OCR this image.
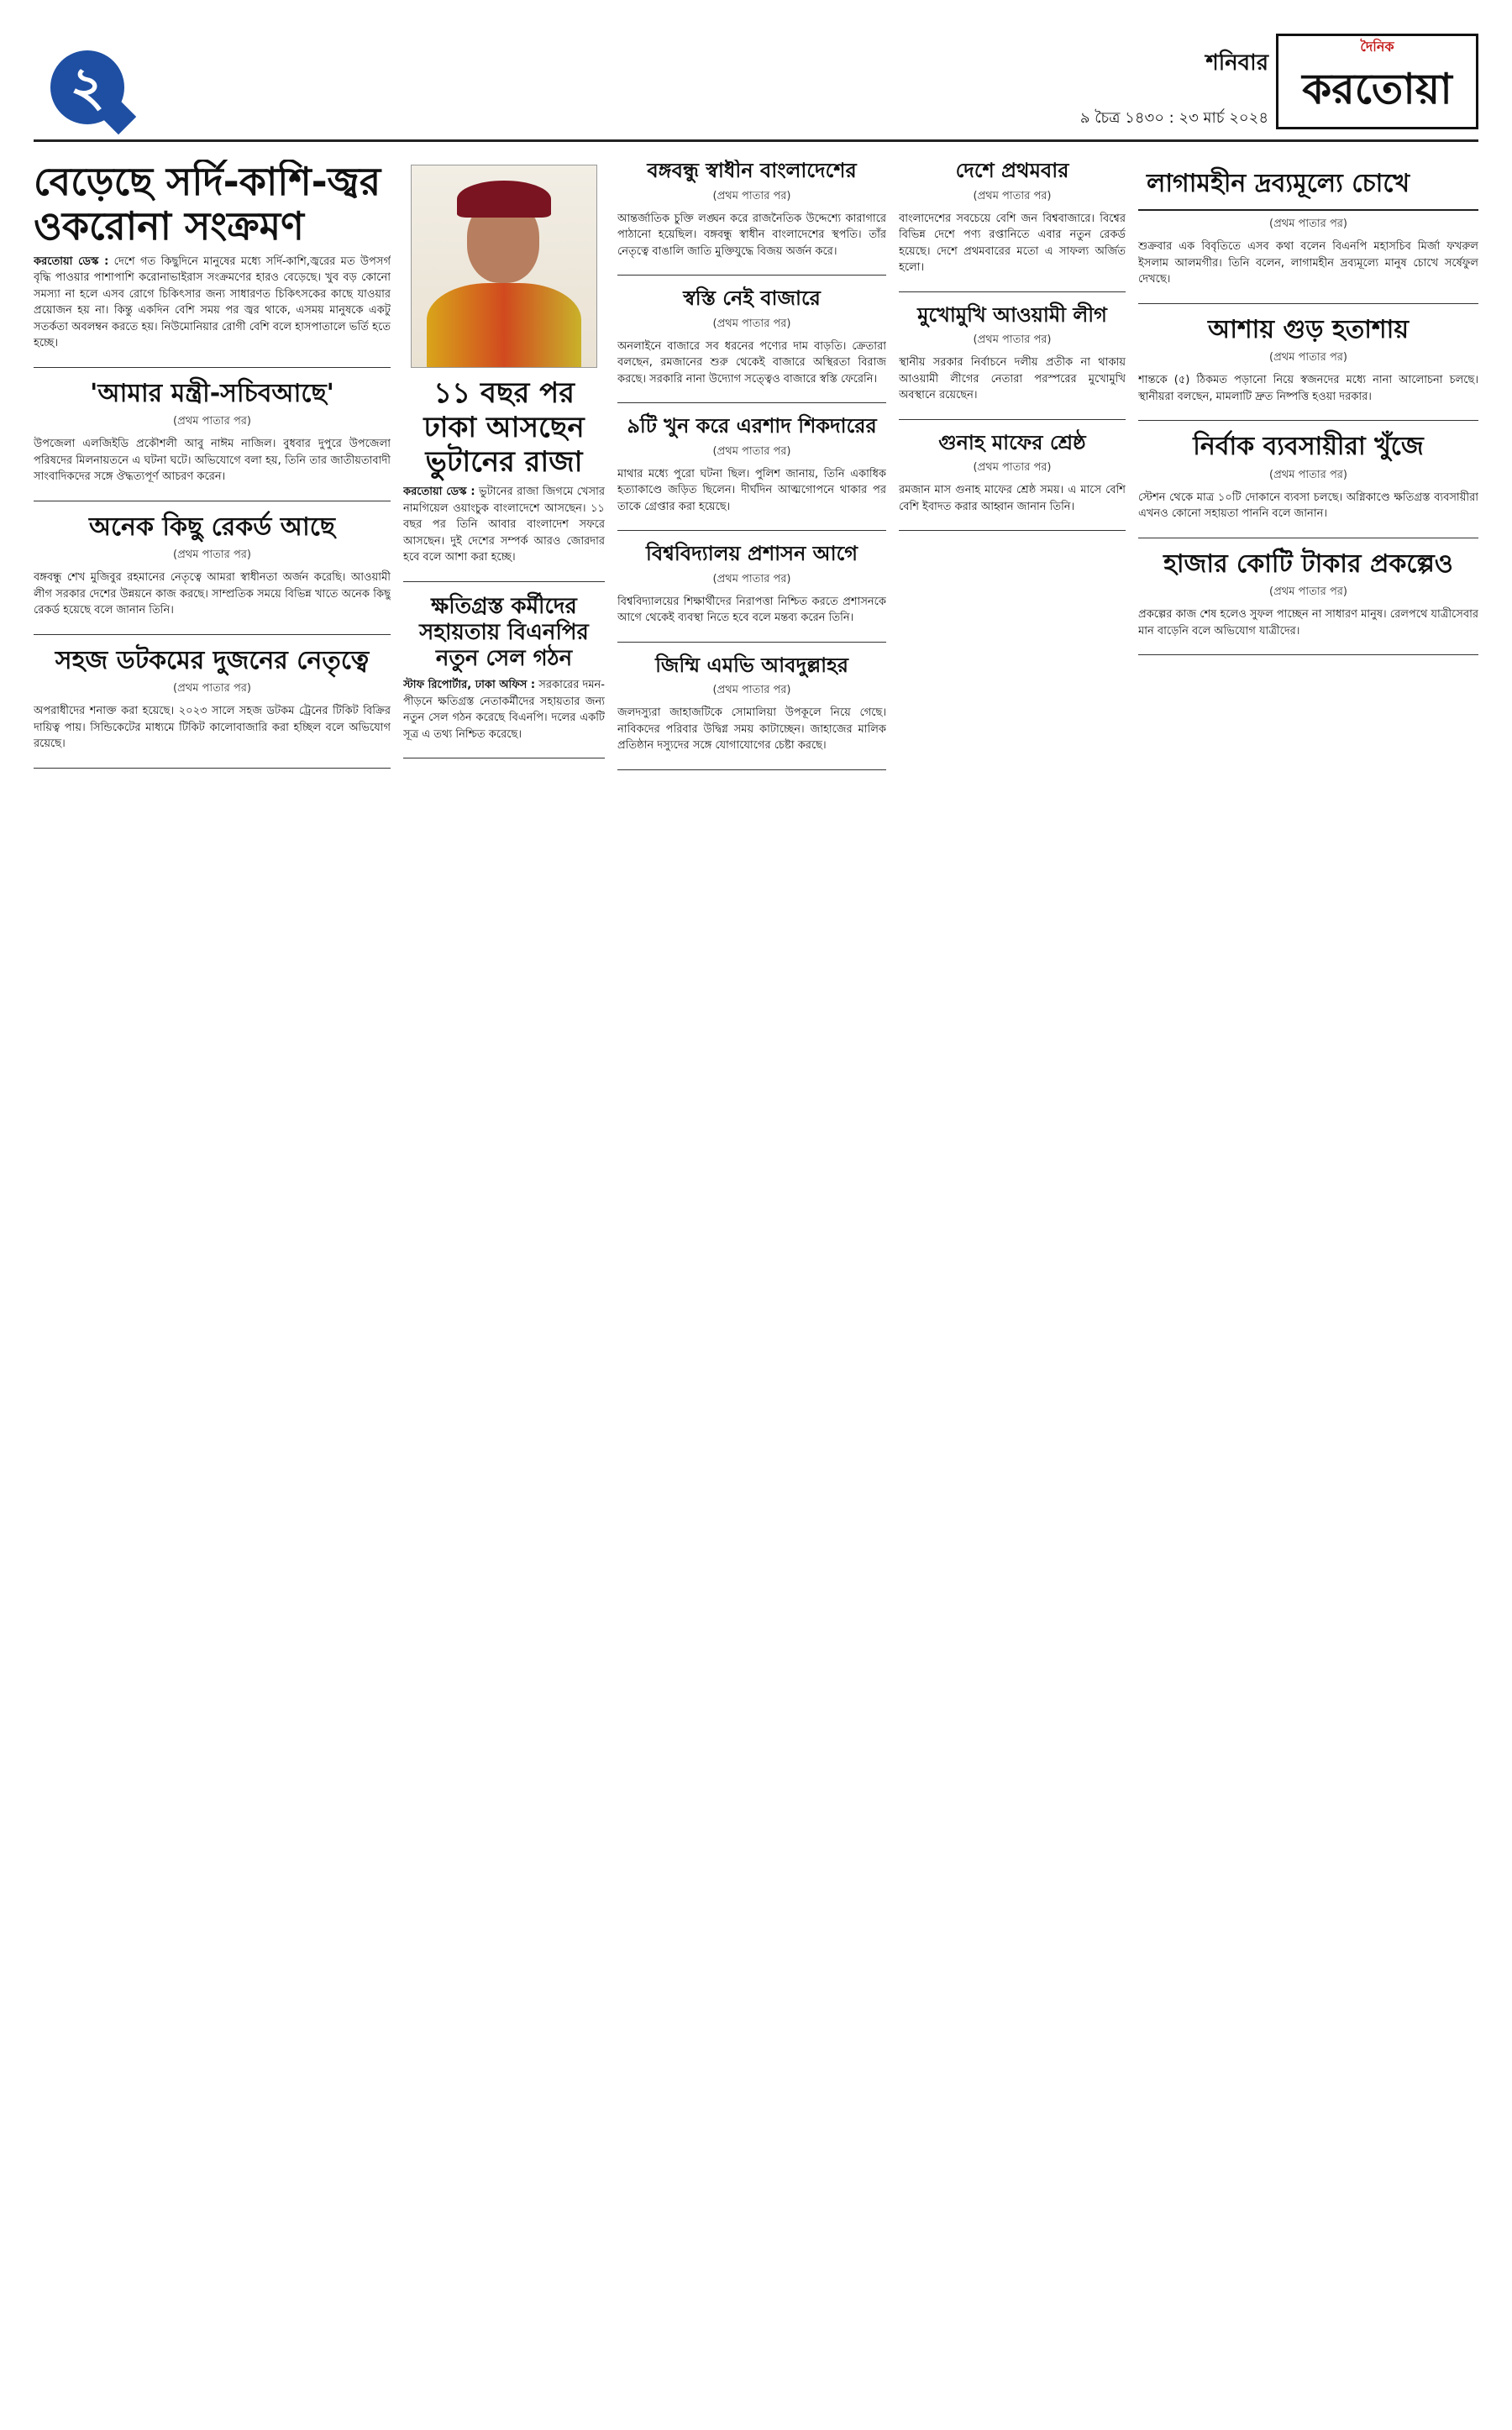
২	শনিবার
৯ চৈত্র ১৪৩০ : ২৩ মার্চ ২০২৪
দৈনিক
করতোয়া
বেড়েছে সর্দি-কাশি-জ্বর ওকরোনা সংক্রমণ

করতোয়া ডেস্ক : দেশে গত কিছুদিনে মানুষের মধ্যে সর্দি-কাশি,জ্বরের মত উপসর্গ বৃদ্ধি পাওয়ার পাশাপাশি করোনাভাইরাস সংক্রমণের হারও বেড়েছে। খুব বড় কোনো সমস্যা না হলে এসব রোগে চিকিৎসার জন্য সাধারণত চিকিৎসকের কাছে যাওয়ার প্রয়োজন হয় না। কিন্তু একদিন বেশি সময় পর জ্বর থাকে, এসময় মানুষকে একটু সতর্কতা অবলম্বন করতে হয়। নিউমোনিয়ার রোগী বেশি বলে হাসপাতালে ভর্তি হতে হচ্ছে।

'আমার মন্ত্রী-সচিবআছে'
(প্রথম পাতার পর)

উপজেলা এলজিইডি প্রকৌশলী আবু নাঈম নাজিল। বুধবার দুপুরে উপজেলা পরিষদের মিলনায়তনে এ ঘটনা ঘটে। অভিযোগে বলা হয়, তিনি তার জাতীয়তাবাদী সাংবাদিকদের সঙ্গে ঔদ্ধত্যপূর্ণ আচরণ করেন।

অনেক কিছু রেকর্ড আছে
(প্রথম পাতার পর)

বঙ্গবন্ধু শেখ মুজিবুর রহমানের নেতৃত্বে আমরা স্বাধীনতা অর্জন করেছি। আওয়ামী লীগ সরকার দেশের উন্নয়নে কাজ করছে। সাম্প্রতিক সময়ে বিভিন্ন খাতে অনেক কিছু রেকর্ড হয়েছে বলে জানান তিনি।

সহজ ডটকমের দুজনের নেতৃত্বে
(প্রথম পাতার পর)

অপরাধীদের শনাক্ত করা হয়েছে। ২০২৩ সালে সহজ ডটকম ট্রেনের টিকিট বিক্রির দায়িত্ব পায়। সিন্ডিকেটের মাধ্যমে টিকিট কালোবাজারি করা হচ্ছিল বলে অভিযোগ রয়েছে।

১১ বছর পর ঢাকা আসছেন ভুটানের রাজা

করতোয়া ডেস্ক : ভুটানের রাজা জিগমে খেসার নামগিয়েল ওয়াংচুক বাংলাদেশে আসছেন। ১১ বছর পর তিনি আবার বাংলাদেশ সফরে আসছেন। দুই দেশের সম্পর্ক আরও জোরদার হবে বলে আশা করা হচ্ছে।

ক্ষতিগ্রস্ত কর্মীদের সহায়তায় বিএনপির নতুন সেল গঠন

স্টাফ রিপোর্টার, ঢাকা অফিস : সরকারের দমন-পীড়নে ক্ষতিগ্রস্ত নেতাকর্মীদের সহায়তার জন্য নতুন সেল গঠন করেছে বিএনপি। দলের একটি সূত্র এ তথ্য নিশ্চিত করেছে।

বঙ্গবন্ধু স্বাধীন বাংলাদেশের
(প্রথম পাতার পর)

আন্তর্জাতিক চুক্তি লঙ্ঘন করে রাজনৈতিক উদ্দেশ্যে কারাগারে পাঠানো হয়েছিল। বঙ্গবন্ধু স্বাধীন বাংলাদেশের স্থপতি। তাঁর নেতৃত্বে বাঙালি জাতি মুক্তিযুদ্ধে বিজয় অর্জন করে।

স্বস্তি নেই বাজারে
(প্রথম পাতার পর)

অনলাইনে বাজারে সব ধরনের পণ্যের দাম বাড়তি। ক্রেতারা বলছেন, রমজানের শুরু থেকেই বাজারে অস্থিরতা বিরাজ করছে। সরকারি নানা উদ্যোগ সত্ত্বেও বাজারে স্বস্তি ফেরেনি।

৯টি খুন করে এরশাদ শিকদারের
(প্রথম পাতার পর)

মাথার মধ্যে পুরো ঘটনা ছিল। পুলিশ জানায়, তিনি একাধিক হত্যাকাণ্ডে জড়িত ছিলেন। দীর্ঘদিন আত্মগোপনে থাকার পর তাকে গ্রেপ্তার করা হয়েছে।

বিশ্ববিদ্যালয় প্রশাসন আগে
(প্রথম পাতার পর)

বিশ্ববিদ্যালয়ের শিক্ষার্থীদের নিরাপত্তা নিশ্চিত করতে প্রশাসনকে আগে থেকেই ব্যবস্থা নিতে হবে বলে মন্তব্য করেন তিনি।

জিম্মি এমভি আবদুল্লাহর
(প্রথম পাতার পর)

জলদস্যুরা জাহাজটিকে সোমালিয়া উপকূলে নিয়ে গেছে। নাবিকদের পরিবার উদ্বিগ্ন সময় কাটাচ্ছেন। জাহাজের মালিক প্রতিষ্ঠান দস্যুদের সঙ্গে যোগাযোগের চেষ্টা করছে।

দেশে প্রথমবার
(প্রথম পাতার পর)

বাংলাদেশের সবচেয়ে বেশি জন বিশ্ববাজারে। বিশ্বের বিভিন্ন দেশে পণ্য রপ্তানিতে এবার নতুন রেকর্ড হয়েছে। দেশে প্রথমবারের মতো এ সাফল্য অর্জিত হলো।

মুখোমুখি আওয়ামী লীগ
(প্রথম পাতার পর)

স্থানীয় সরকার নির্বাচনে দলীয় প্রতীক না থাকায় আওয়ামী লীগের নেতারা পরস্পরের মুখোমুখি অবস্থানে রয়েছেন।

গুনাহ মাফের শ্রেষ্ঠ
(প্রথম পাতার পর)

রমজান মাস গুনাহ মাফের শ্রেষ্ঠ সময়। এ মাসে বেশি বেশি ইবাদত করার আহ্বান জানান তিনি।

লাগামহীন দ্রব্যমূল্যে চোখে
(প্রথম পাতার পর)

শুক্রবার এক বিবৃতিতে এসব কথা বলেন বিএনপি মহাসচিব মির্জা ফখরুল ইসলাম আলমগীর। তিনি বলেন, লাগামহীন দ্রব্যমূল্যে মানুষ চোখে সর্ষেফুল দেখছে।

আশায় গুড় হতাশায়
(প্রথম পাতার পর)

শান্তকে (৫) ঠিকমত পড়ানো নিয়ে স্বজনদের মধ্যে নানা আলোচনা চলছে। স্থানীয়রা বলছেন, মামলাটি দ্রুত নিষ্পত্তি হওয়া দরকার।

নির্বাক ব্যবসায়ীরা খুঁজে
(প্রথম পাতার পর)

স্টেশন থেকে মাত্র ১০টি দোকানে ব্যবসা চলছে। অগ্নিকাণ্ডে ক্ষতিগ্রস্ত ব্যবসায়ীরা এখনও কোনো সহায়তা পাননি বলে জানান।

হাজার কোটি টাকার প্রকল্পেও
(প্রথম পাতার পর)

প্রকল্পের কাজ শেষ হলেও সুফল পাচ্ছেন না সাধারণ মানুষ। রেলপথে যাত্রীসেবার মান বাড়েনি বলে অভিযোগ যাত্রীদের।
